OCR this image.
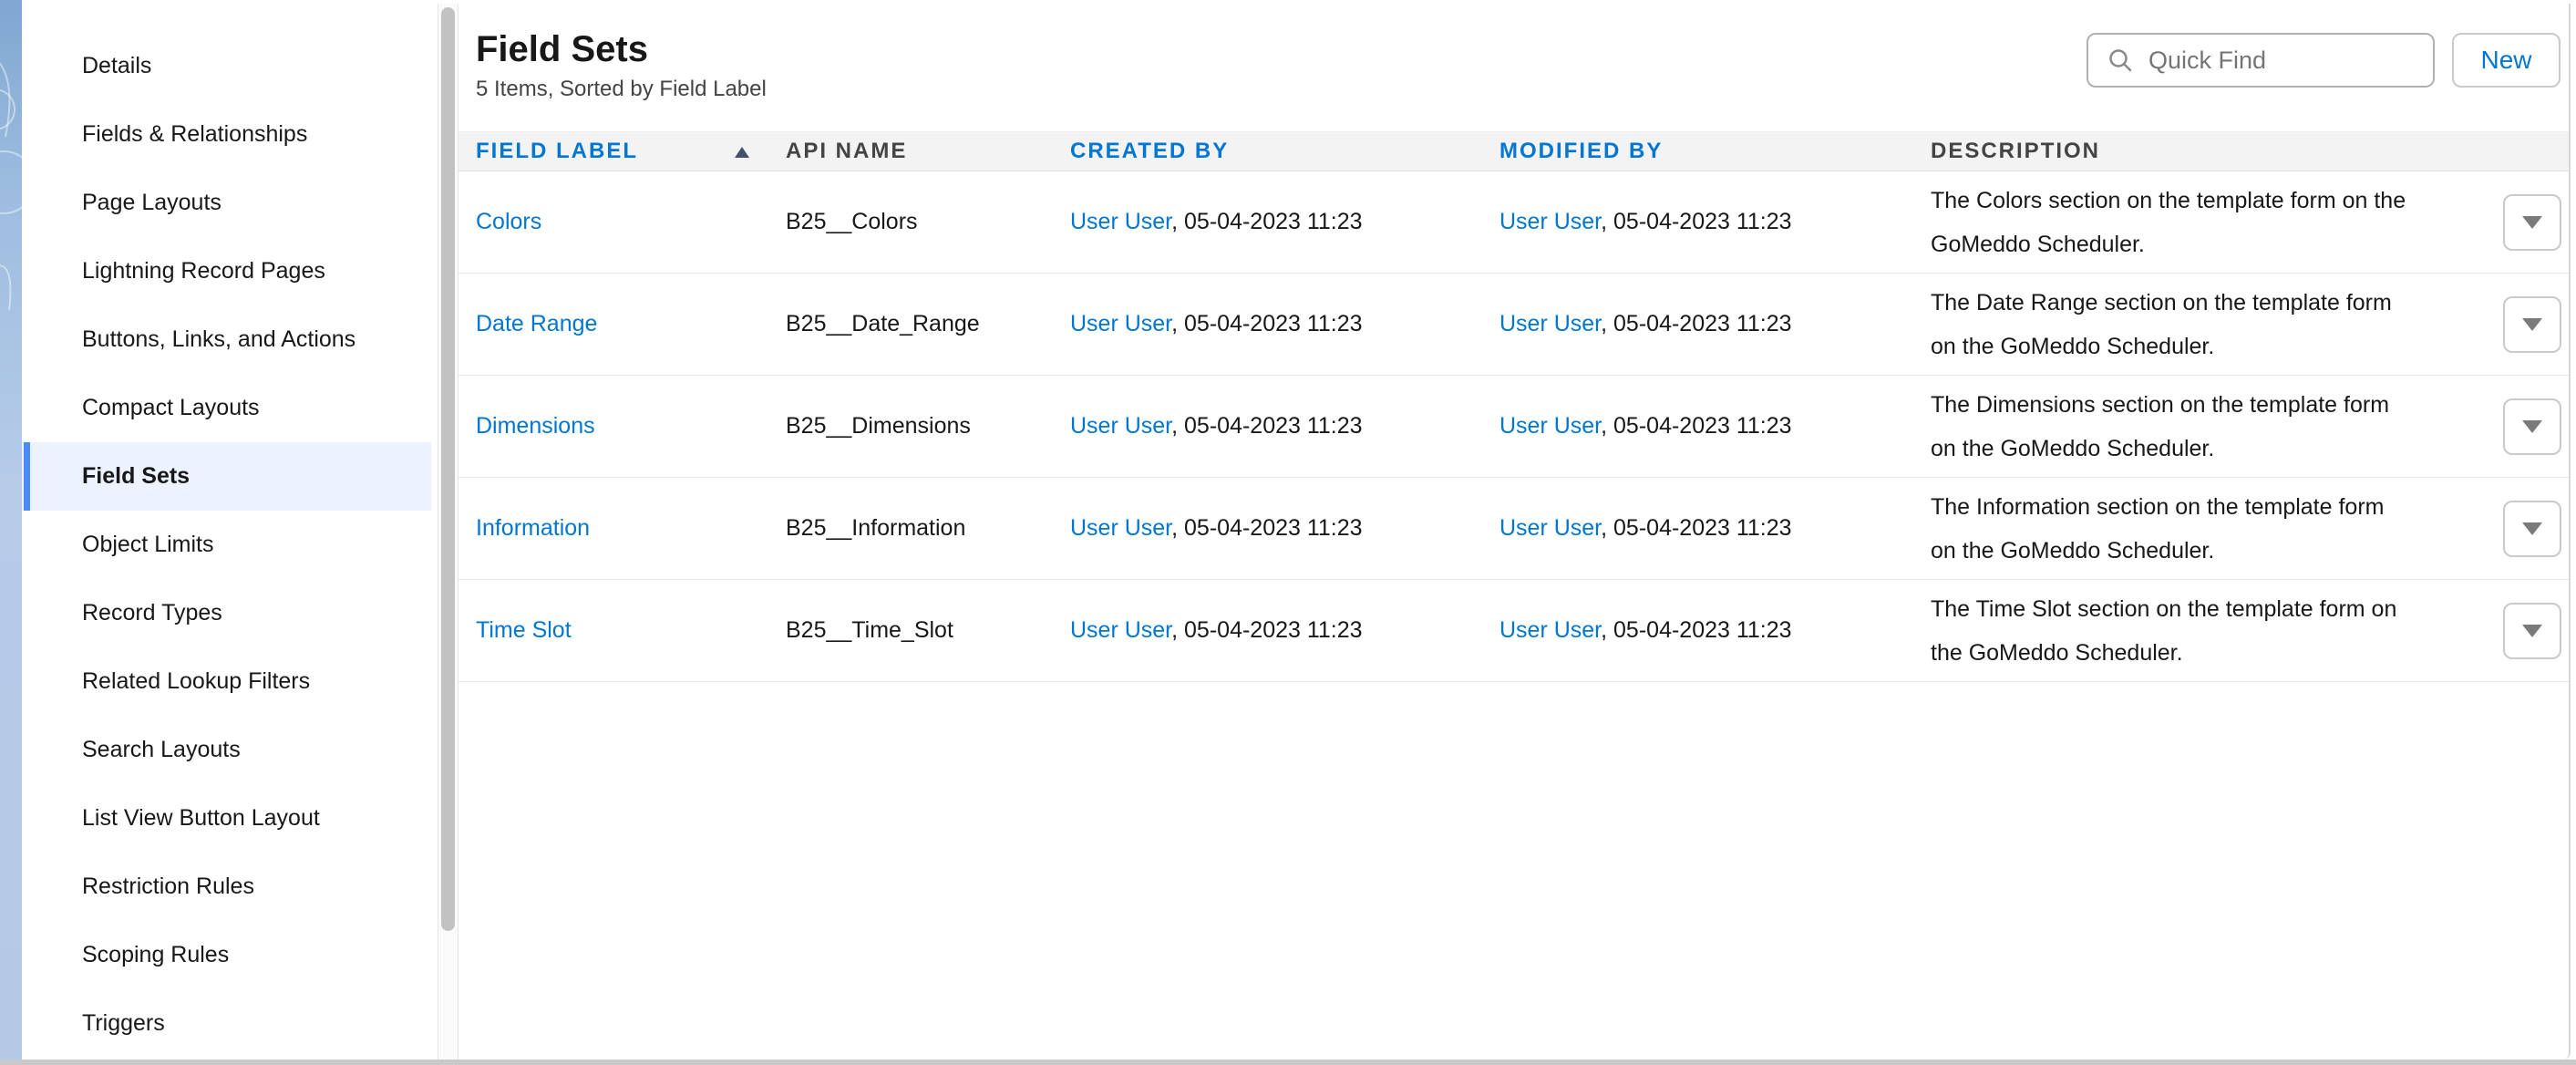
Details
Fields & Relationships
Page Layouts
Lightning Record Pages
Buttons, Links, and Actions
Compact Layouts
Field Sets
Object Limits
Record Types
Related Lookup Filters
Search Layouts
List View Button Layout
Restriction Rules
Scoping Rules
Triggers
Field Sets
5 Items, Sorted by Field Label
Quick Find
New
FIELD LABEL	API NAME	CREATED BY	MODIFIED BY	DESCRIPTION
Colors	B25__Colors	User User, 05-04-2023 11:23	User User, 05-04-2023 11:23
The Colors section on the template form on the
GoMeddo Scheduler.
Date Range	B25__Date_Range	User User, 05-04-2023 11:23	User User, 05-04-2023 11:23
The Date Range section on the template form
on the GoMeddo Scheduler.
Dimensions	B25__Dimensions	User User, 05-04-2023 11:23	User User, 05-04-2023 11:23
The Dimensions section on the template form
on the GoMeddo Scheduler.
Information	B25__Information	User User, 05-04-2023 11:23	User User, 05-04-2023 11:23
The Information section on the template form
on the GoMeddo Scheduler.
Time Slot	B25__Time_Slot	User User, 05-04-2023 11:23	User User, 05-04-2023 11:23
The Time Slot section on the template form on
the GoMeddo Scheduler.
